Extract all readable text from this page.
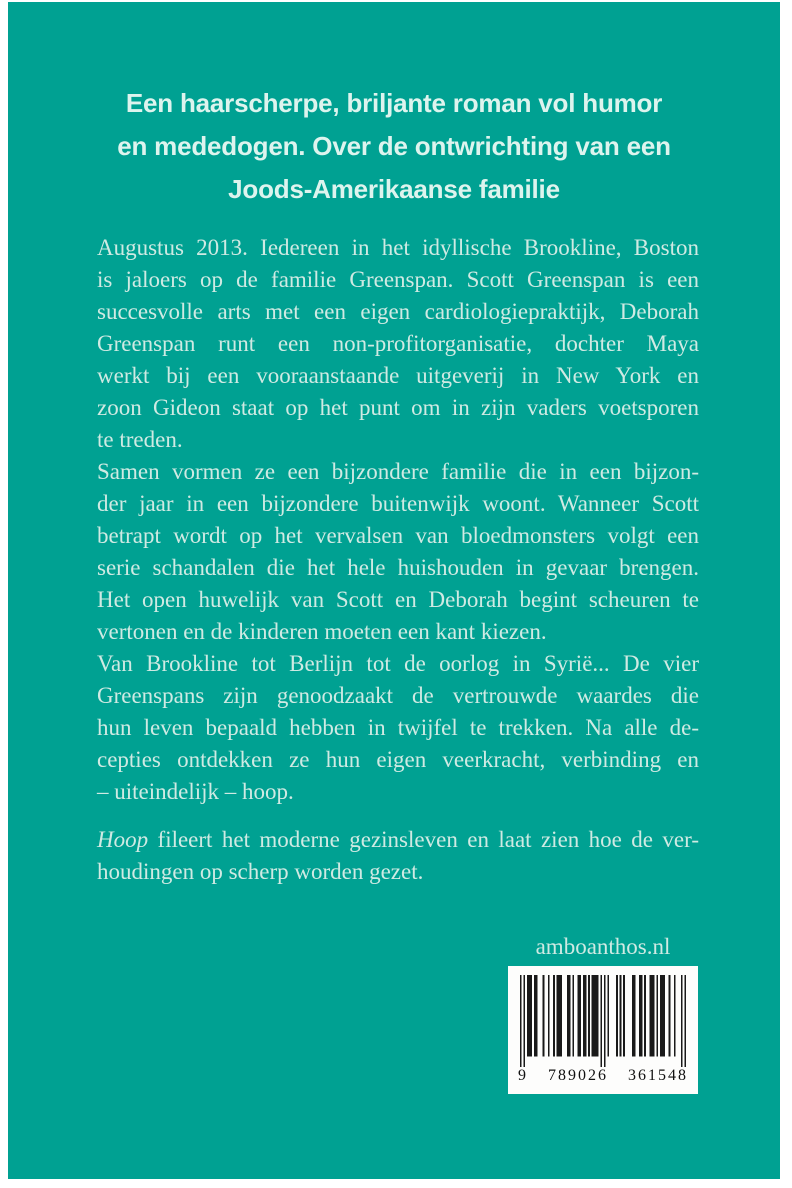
Een haarscherpe, briljante roman vol humor
en mededogen. Over de ontwrichting van een
Joods-Amerikaanse familie
Augustus 2013. Iedereen in het idyllische Brookline, Boston
is jaloers op de familie Greenspan. Scott Greenspan is een
succesvolle arts met een eigen cardiologiepraktijk, Deborah
Greenspan runt een non-profitorganisatie, dochter Maya
werkt bij een vooraanstaande uitgeverij in New York en
zoon Gideon staat op het punt om in zijn vaders voetsporen
te treden.
Samen vormen ze een bijzondere familie die in een bijzon-
der jaar in een bijzondere buitenwijk woont. Wanneer Scott
betrapt wordt op het vervalsen van bloedmonsters volgt een
serie schandalen die het hele huishouden in gevaar brengen.
Het open huwelijk van Scott en Deborah begint scheuren te
vertonen en de kinderen moeten een kant kiezen.
Van Brookline tot Berlijn tot de oorlog in Syrië... De vier
Greenspans zijn genoodzaakt de vertrouwde waardes die
hun leven bepaald hebben in twijfel te trekken. Na alle de-
cepties ontdekken ze hun eigen veerkracht, verbinding en
– uiteindelijk – hoop.
Hoop fileert het moderne gezinsleven en laat zien hoe de ver-
houdingen op scherp worden gezet.
amboanthos.nl
9 789026 361548
